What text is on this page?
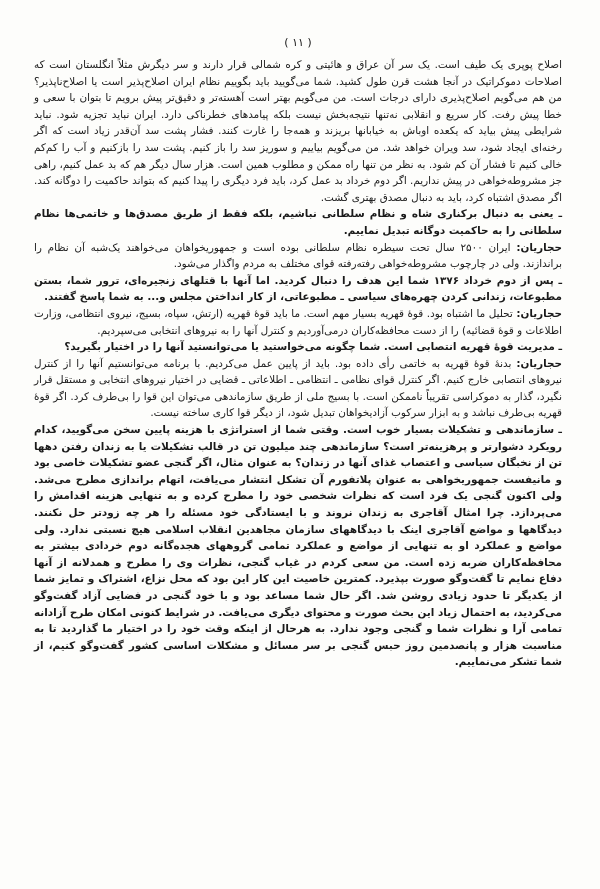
( ۱۱ )

اصلاح پوپری یک طیف است. یک سر آن عراق و هائیتی و کره شمالی قرار دارند و سر دیگرش مثلاً انگلستان است که اصلاحات دموکراتیک در آنجا هشت قرن طول کشید. شما می‌گویید باید بگوییم نظام ایران اصلاح‌پذیر است یا اصلاح‌ناپذیر؟ من هم می‌گویم اصلاح‌پذیری دارای درجات است. من می‌گویم بهتر است آهسته‌تر و دقیق‌تر پیش برویم تا بتوان با سعی و خطا پیش رفت. کار سریع و انقلابی نه‌تنها نتیجه‌بخش نیست بلکه پیامدهای خطرناکی دارد. ایران نباید تجزیه شود. نباید شرایطی پیش بیاید که یکعده اوباش به خیابانها بریزند و همه‌جا را غارت کنند. فشار پشت سد آن‌قدر زیاد است که اگر رخنه‌ای ایجاد شود، سد ویران خواهد شد. من می‌گویم بیاییم و سوریز سد را باز کنیم. پشت سد را بازکنیم و آب را کم‌کم خالی کنیم تا فشار آن کم شود. به نظر من تنها راه ممکن و مطلوب همین است. هزار سال دیگر هم که بد عمل کنیم، راهی جز مشروطه‌خواهی در پیش نداریم. اگر دوم خرداد بد عمل کرد، باید فرد دیگری را پیدا کنیم که بتواند حاکمیت را دوگانه کند. اگر مصدق اشتباه کرد، باید به دنبال مصدق بهتری گشت.

ـ یعنی به دنبال برکناری شاه و نظام سلطانی نباشیم، بلکه فقط از طریق مصدق‌ها و خاتمی‌ها نظام سلطانی را به حاکمیت دوگانه تبدیل نماییم.

حجاریان: ایران ۲۵۰۰ سال تحت سیطره نظام سلطانی بوده است و جمهوریخواهان می‌خواهند یک‌شبه آن نظام را براندازند. ولی در چارچوب مشروطه‌خواهی رفته‌رفته قوای مختلف به مردم واگذار می‌شود.

ـ پس از دوم خرداد ۱۳۷۶ شما این هدف را دنبال کردید. اما آنها با قتلهای زنجیره‌ای، ترور شما، بستن مطبوعات، زندانی کردن چهره‌های سیاسی ـ مطبوعاتی، از کار انداختن مجلس و... به شما پاسخ گفتند.

حجاریان: تحلیل ما اشتباه بود. قوهٔ قهریه بسیار مهم است. ما باید قوهٔ قهریه (ارتش، سپاه، بسیج، نیروی انتظامی، وزارت اطلاعات و قوهٔ قضائیه) را از دست محافظه‌کاران درمی‌آوردیم و کنترل آنها را به نیروهای انتخابی می‌سپردیم.

ـ مدیریت قوهٔ قهریه انتصابی است. شما چگونه می‌خواستید یا می‌توانستید آنها را در اختیار بگیرید؟

حجاریان: بدنهٔ قوهٔ قهریه به خاتمی رأی داده بود. باید از پایین عمل می‌کردیم. با برنامه می‌توانستیم آنها را از کنترل نیروهای انتصابی خارج کنیم. اگر کنترل قوای نظامی ـ انتظامی ـ اطلاعاتی ـ قضایی در اختیار نیروهای انتخابی و مستقل قرار نگیرد، گذار به دموکراسی تقریباً ناممکن است. با بسیج ملی از طریق سازماندهی می‌توان این قوا را بی‌طرف کرد. اگر قوهٔ قهریه بی‌طرف نباشد و به ابزار سرکوب آزادیخواهان تبدیل شود، از دیگر قوا کاری ساخته نیست.

ـ سازماندهی و تشکیلات بسیار خوب است. وقتی شما از استراتژی با هزینه پایین سخن می‌گویید، کدام رویکرد دشوارتر و پرهزینه‌تر است؟ سازماندهی چند میلیون تن در قالب تشکیلات یا به زندان رفتن دهها تن از نخبگان سیاسی و اعتصاب غذای آنها در زندان؟ به عنوان مثال، اگر گنجی عضو تشکیلات خاصی بود و مانیفست جمهوریخواهی به عنوان پلاتفورم آن تشکل انتشار می‌یافت، اتهام براندازی مطرح می‌شد. ولی اکنون گنجی یک فرد است که نظرات شخصی خود را مطرح کرده و به تنهایی هزینه اقدامش را می‌پردازد. چرا امثال آقاجری به زندان نروند و با ایستادگی خود مسئله را هر چه زودتر حل نکنند. دیدگاهها و مواضع آقاجری اینک با دیدگاههای سازمان مجاهدین انقلاب اسلامی هیچ نسبتی ندارد. ولی مواضع و عملکرد او به تنهایی از مواضع و عملکرد تمامی گروههای هجده‌گانه دوم خردادی بیشتر به محافظه‌کاران ضربه زده است. من سعی کردم در غیاب گنجی، نظرات وی را مطرح و همدلانه از آنها دفاع نمایم تا گفت‌وگو صورت بپذیرد. کمترین خاصیت این کار این بود که محل نزاع، اشتراک و تمایز شما از یکدیگر تا حدود زیادی روشن شد. اگر حال شما مساعد بود و با خود گنجی در فضایی آزاد گفت‌وگو می‌کردید، به احتمال زیاد این بحث صورت و محتوای دیگری می‌یافت. در شرایط کنونی امکان طرح آزادانه تمامی آرا و نظرات شما و گنجی وجود ندارد. به هرحال از اینکه وقت خود را در اختیار ما گذاردید تا به مناسبت هزار و پانصدمین روز حبس گنجی بر سر مسائل و مشکلات اساسی کشور گفت‌وگو کنیم، از شما تشکر می‌نماییم.
